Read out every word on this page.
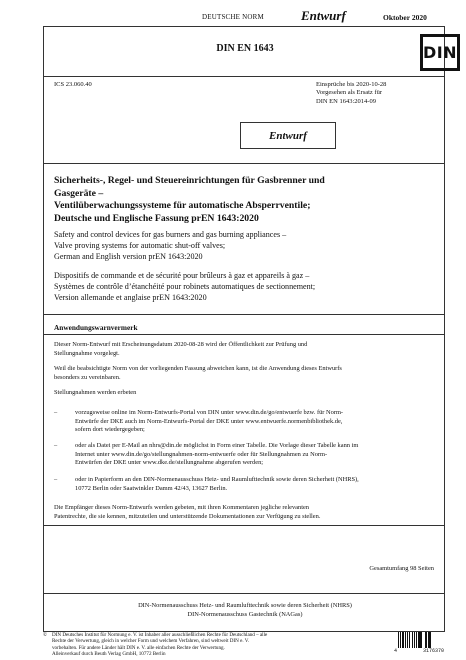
DEUTSCHE NORM	Entwurf	Oktober 2020
DIN EN 1643	DIN
ICS 23.060.40	Einsprüche bis 2020-10-28
Vorgesehen als Ersatz für
DIN EN 1643:2014-09
Entwurf
Sicherheits-, Regel- und Steuereinrichtungen für Gasbrenner und
Gasgeräte –
Ventilüberwachungssysteme für automatische Absperrventile;
Deutsche und Englische Fassung prEN 1643:2020
Safety and control devices for gas burners and gas burning appliances –
Valve proving systems for automatic shut-off valves;
German and English version prEN 1643:2020
Dispositifs de commande et de sécurité pour brûleurs à gaz et appareils à gaz –
Systèmes de contrôle d’étanchéité pour robinets automatiques de sectionnement;
Version allemande et anglaise prEN 1643:2020
Anwendungswarnvermerk
Dieser Norm-Entwurf mit Erscheinungsdatum 2020-08-28 wird der Öffentlichkeit zur Prüfung und
Stellungnahme vorgelegt.
Weil die beabsichtigte Norm von der vorliegenden Fassung abweichen kann, ist die Anwendung dieses Entwurfs
besonders zu vereinbaren.
Stellungnahmen werden erbeten
–	vorzugsweise online im Norm-Entwurfs-Portal von DIN unter www.din.de/go/entwuerfe bzw. für Norm-
Entwürfe der DKE auch im Norm-Entwurfs-Portal der DKE unter www.entwuerfe.normenbibliothek.de,
sofern dort wiedergegeben;
–	oder als Datei per E-Mail an nhrs@din.de möglichst in Form einer Tabelle. Die Vorlage dieser Tabelle kann im
Internet unter www.din.de/go/stellungnahmen-norm-entwuerfe oder für Stellungnahmen zu Norm-
Entwürfen der DKE unter www.dke.de/stellungnahme abgerufen werden;
–	oder in Papierform an den DIN-Normenausschuss Heiz- und Raumlufttechnik sowie deren Sicherheit (NHRS),
10772 Berlin oder Saatwinkler Damm 42/43, 13627 Berlin.
Die Empfänger dieses Norm-Entwurfs werden gebeten, mit ihren Kommentaren jegliche relevanten
Patentrechte, die sie kennen, mitzuteilen und unterstützende Dokumentationen zur Verfügung zu stellen.
Gesamtumfang 98 Seiten
DIN-Normenausschuss Heiz- und Raumlufttechnik sowie deren Sicherheit (NHRS)
DIN-Normenausschuss Gastechnik (NAGas)
© DIN Deutsches Institut für Normung e. V. ist Inhaber aller ausschließlichen Rechte für Deutschland – alle
Rechte der Verwertung, gleich in welcher Form und welchem Verfahren, sind weltweit DIN e. V.
vorbehalten. Für andere Länder hält DIN e. V. alle einfachen Rechte der Verwertung.
Alleinverkauf durch Beuth Verlag GmbH, 10772 Berlin
4	3176370
